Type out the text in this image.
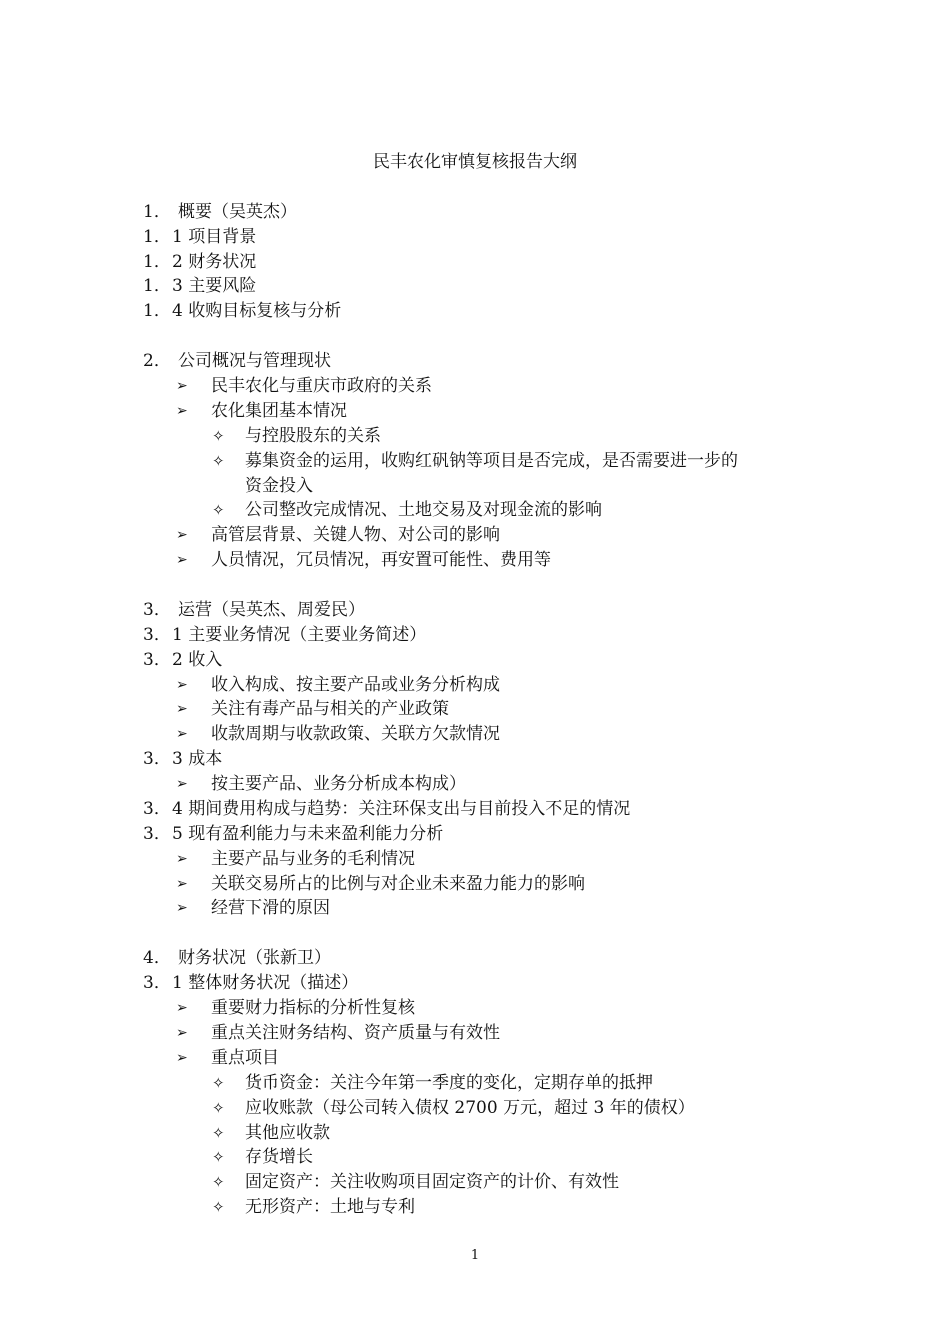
民丰农化审慎复核报告大纲
1． 概要（吴英杰）
1． 1 项目背景
1． 2 财务状况
1． 3 主要风险
1． 4 收购目标复核与分析
2． 公司概况与管理现状
➢ 民丰农化与重庆市政府的关系
➢ 农化集团基本情况
✧ 与控股股东的关系
✧ 募集资金的运用，收购红矾钠等项目是否完成，是否需要进一步的
资金投入
✧ 公司整改完成情况、土地交易及对现金流的影响
➢ 高管层背景、关键人物、对公司的影响
➢ 人员情况，冗员情况，再安置可能性、费用等
3． 运营（吴英杰、周爱民）
3． 1 主要业务情况（主要业务简述）
3． 2 收入
➢ 收入构成、按主要产品或业务分析构成
➢ 关注有毒产品与相关的产业政策
➢ 收款周期与收款政策、关联方欠款情况
3． 3 成本
➢ 按主要产品、业务分析成本构成）
3． 4 期间费用构成与趋势：关注环保支出与目前投入不足的情况
3． 5 现有盈利能力与未来盈利能力分析
➢ 主要产品与业务的毛利情况
➢ 关联交易所占的比例与对企业未来盈力能力的影响
➢ 经营下滑的原因
4． 财务状况（张新卫）
3． 1 整体财务状况（描述）
➢ 重要财力指标的分析性复核
➢ 重点关注财务结构、资产质量与有效性
➢ 重点项目
✧ 货币资金：关注今年第一季度的变化，定期存单的抵押
✧ 应收账款（母公司转入债权 2700 万元，超过 3 年的债权）
✧ 其他应收款
✧ 存货增长
✧ 固定资产：关注收购项目固定资产的计价、有效性
✧ 无形资产：土地与专利
1
